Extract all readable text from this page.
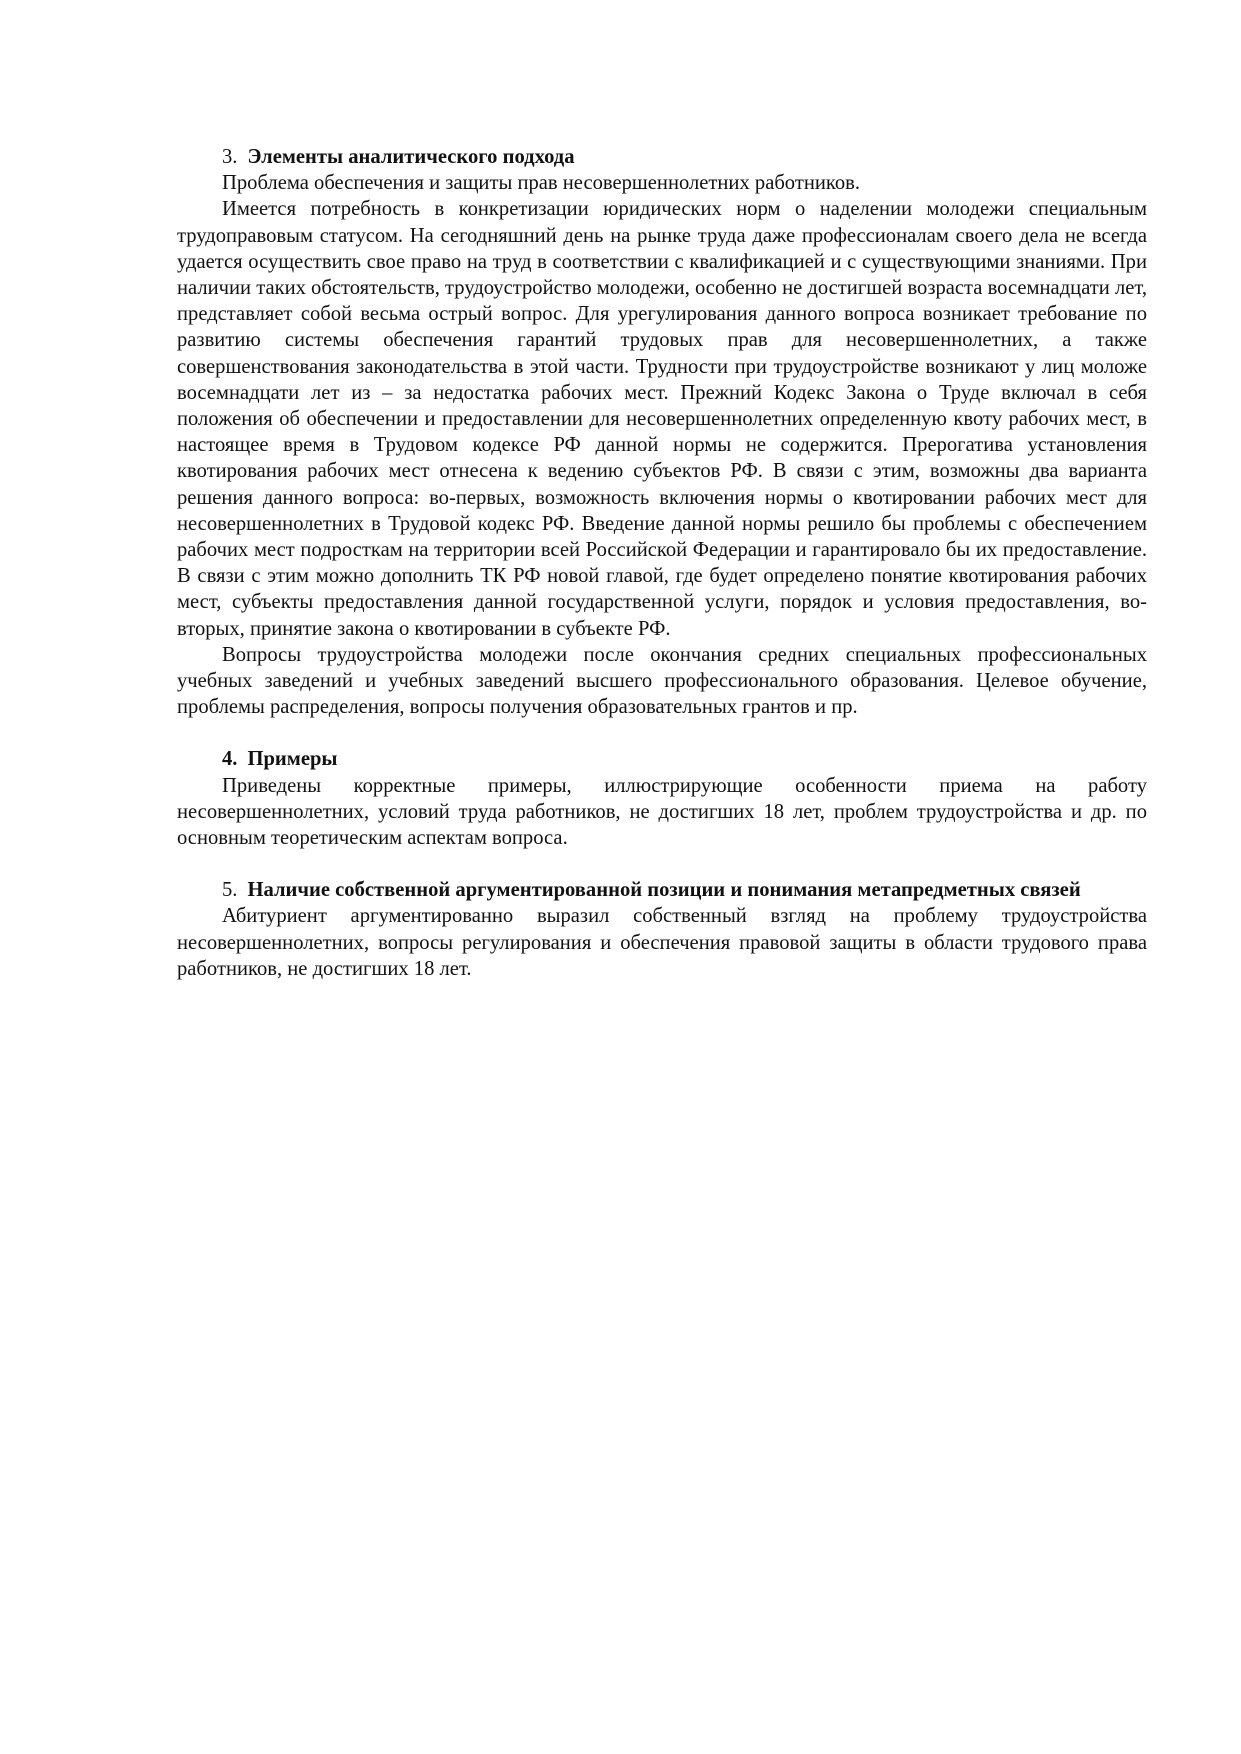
3. Элементы аналитического подхода

Проблема обеспечения и защиты прав несовершеннолетних работников.

Имеется потребность в конкретизации юридических норм о наделении молодежи специальным трудоправовым статусом. На сегодняшний день на рынке труда даже профессионалам своего дела не всегда удается осуществить свое право на труд в соответствии с квалификацией и с существующими знаниями. При наличии таких обстоятельств, трудоустройство молодежи, особенно не достигшей возраста восемнадцати лет, представляет собой весьма острый вопрос. Для урегулирования данного вопроса возникает требование по развитию системы обеспечения гарантий трудовых прав для несовершеннолетних, а также совершенствования законодательства в этой части. Трудности при трудоустройстве возникают у лиц моложе восемнадцати лет из – за недостатка рабочих мест. Прежний Кодекс Закона о Труде включал в себя положения об обеспечении и предоставлении для несовершеннолетних определенную квоту рабочих мест, в настоящее время в Трудовом кодексе РФ данной нормы не содержится. Прерогатива установления квотирования рабочих мест отнесена к ведению субъектов РФ. В связи с этим, возможны два варианта решения данного вопроса: во-первых, возможность включения нормы о квотировании рабочих мест для несовершеннолетних в Трудовой кодекс РФ. Введение данной нормы решило бы проблемы с обеспечением рабочих мест подросткам на территории всей Российской Федерации и гарантировало бы их предоставление. В связи с этим можно дополнить ТК РФ новой главой, где будет определено понятие квотирования рабочих мест, субъекты предоставления данной государственной услуги, порядок и условия предоставления, во-вторых, принятие закона о квотировании в субъекте РФ.

Вопросы трудоустройства молодежи после окончания средних специальных профессиональных учебных заведений и учебных заведений высшего профессионального образования. Целевое обучение, проблемы распределения, вопросы получения образовательных грантов и пр.

4. Примеры

Приведены корректные примеры, иллюстрирующие особенности приема на работу несовершеннолетних, условий труда работников, не достигших 18 лет, проблем трудоустройства и др. по основным теоретическим аспектам вопроса.

5. Наличие собственной аргументированной позиции и понимания метапредметных связей

Абитуриент аргументированно выразил собственный взгляд на проблему трудоустройства несовершеннолетних, вопросы регулирования и обеспечения правовой защиты в области трудового права работников, не достигших 18 лет.
